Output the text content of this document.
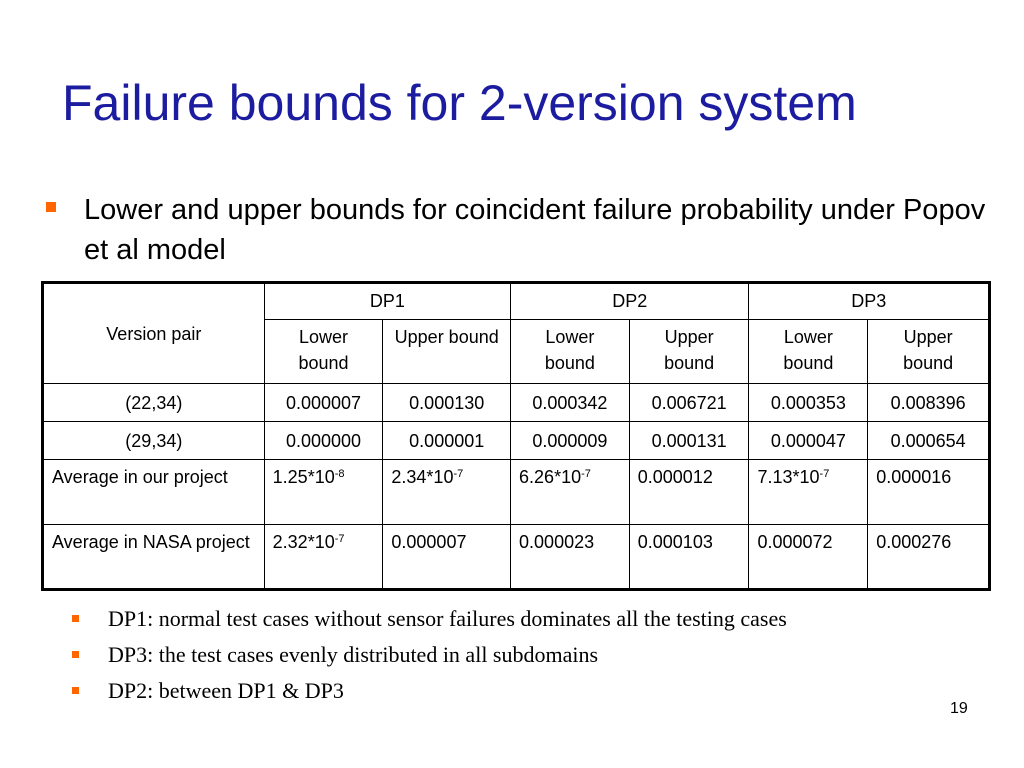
Failure bounds for 2-version system
Lower and upper bounds for coincident failure probability under Popov et al model
Version pair	DP1		DP2		DP3	
	Lower bound	Upper bound	Lower bound	Upper bound	Lower bound	Upper bound
(22,34)	0.000007	0.000130	0.000342	0.006721	0.000353	0.008396
(29,34)	0.000000	0.000001	0.000009	0.000131	0.000047	0.000654
Average in our project	$1.25*10^{-8}$	$2.34*10^{-7}$	$6.26*10^{-7}$	0.000012	$7.13*10^{-7}$	0.000016
Average in NASA project	$2.32*10^{-7}$	0.000007	0.000023	0.000103	0.000072	0.000276
DP1: normal test cases without sensor failures dominates all the testing cases
DP3: the test cases evenly distributed in all subdomains
DP2: between DP1 & DP3
19
